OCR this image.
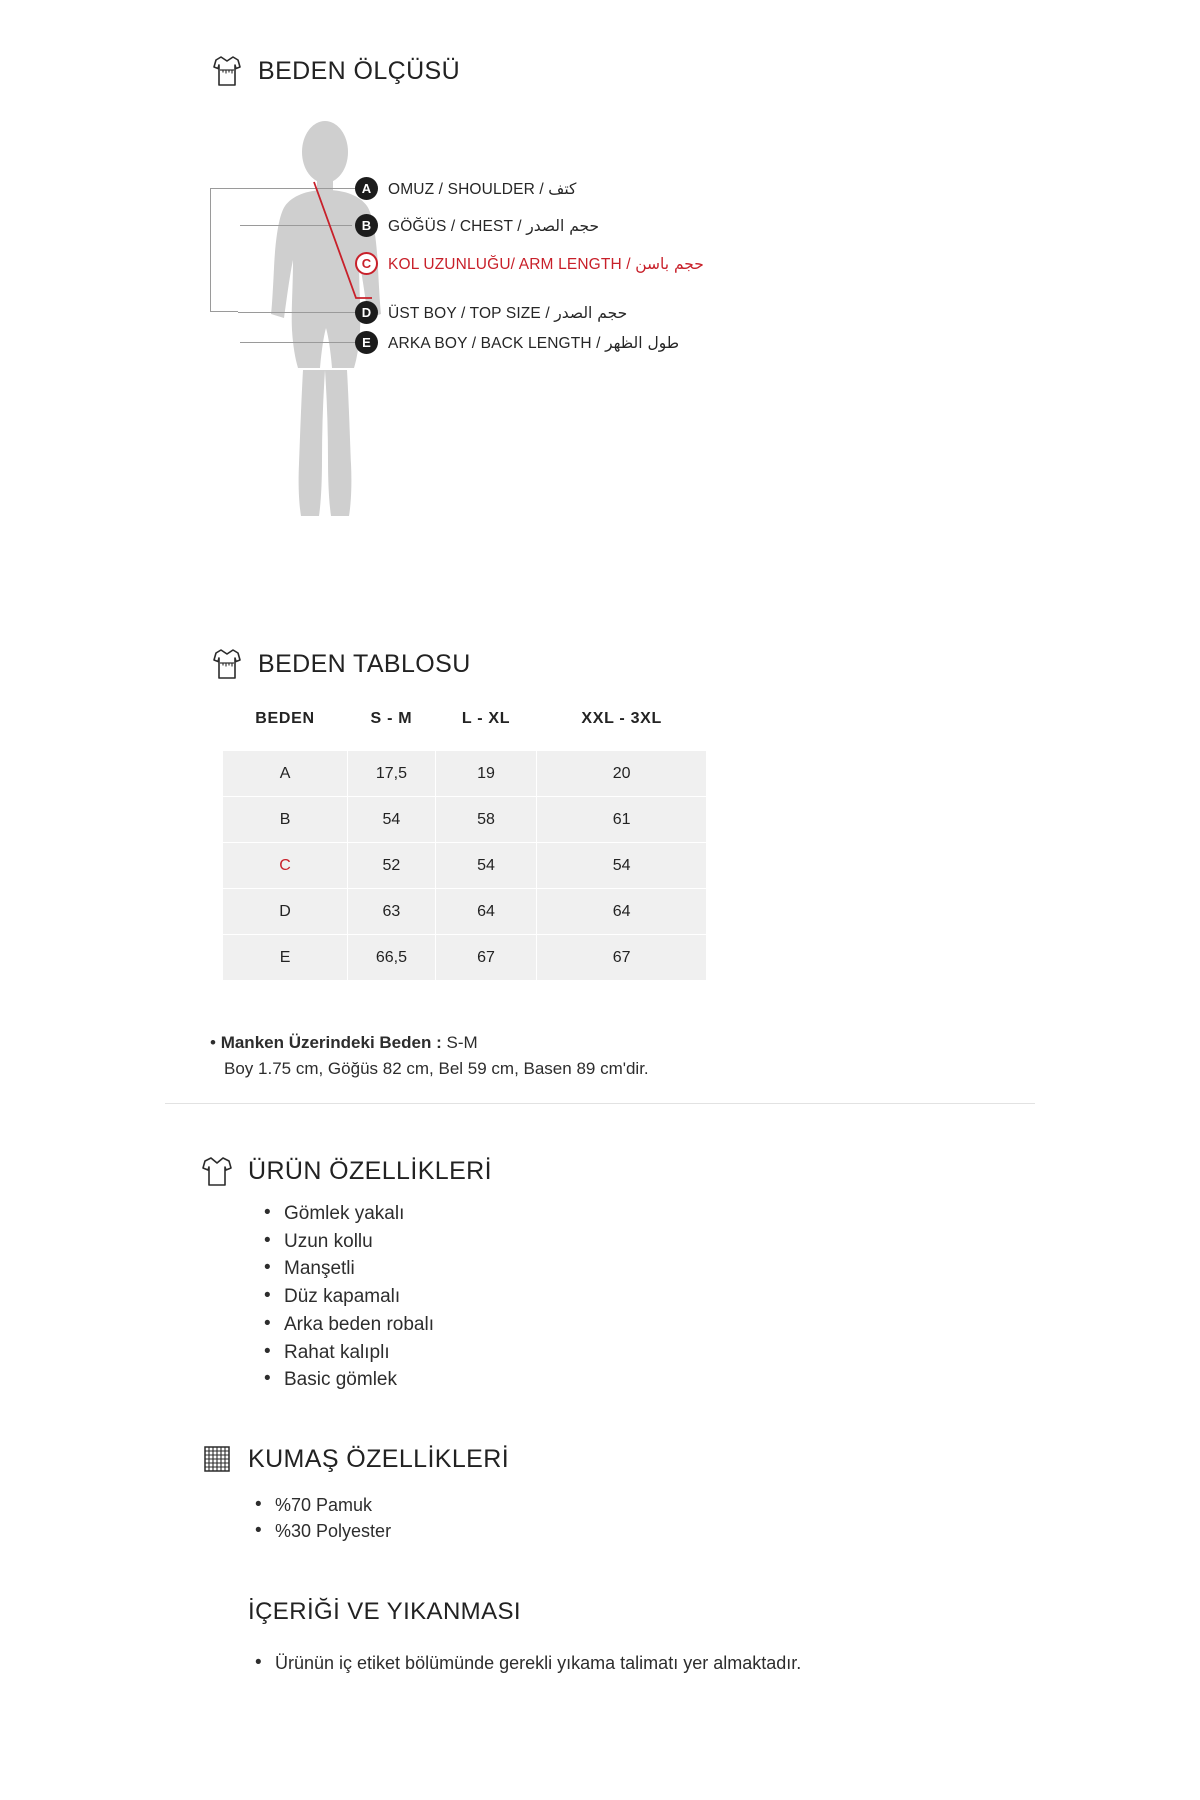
BEDEN ÖLÇÜSÜ
A
B
C
D
E
OMUZ / SHOULDER / كتف
GÖĞÜS / CHEST / حجم الصدر
KOL UZUNLUĞU/ ARM LENGTH / حجم باسن
ÜST BOY / TOP SIZE / حجم الصدر
ARKA BOY / BACK LENGTH / طول الظهر
BEDEN TABLOSU
BEDEN	S - M	L - XL	XXL - 3XL
A	17,5	19	20
B	54	58	61
C	52	54	54
D	63	64	64
E	66,5	67	67
• Manken Üzerindeki Beden : S-M
Boy 1.75 cm, Göğüs 82 cm, Bel 59 cm, Basen 89 cm'dir.
ÜRÜN ÖZELLİKLERİ
• Gömlek yakalı
• Uzun kollu
• Manşetli
• Düz kapamalı
• Arka beden robalı
• Rahat kalıplı
• Basic gömlek
KUMAŞ ÖZELLİKLERİ
• %70 Pamuk
• %30 Polyester
İÇERİĞİ VE YIKANMASI
• Ürünün iç etiket bölümünde gerekli yıkama talimatı yer almaktadır.
